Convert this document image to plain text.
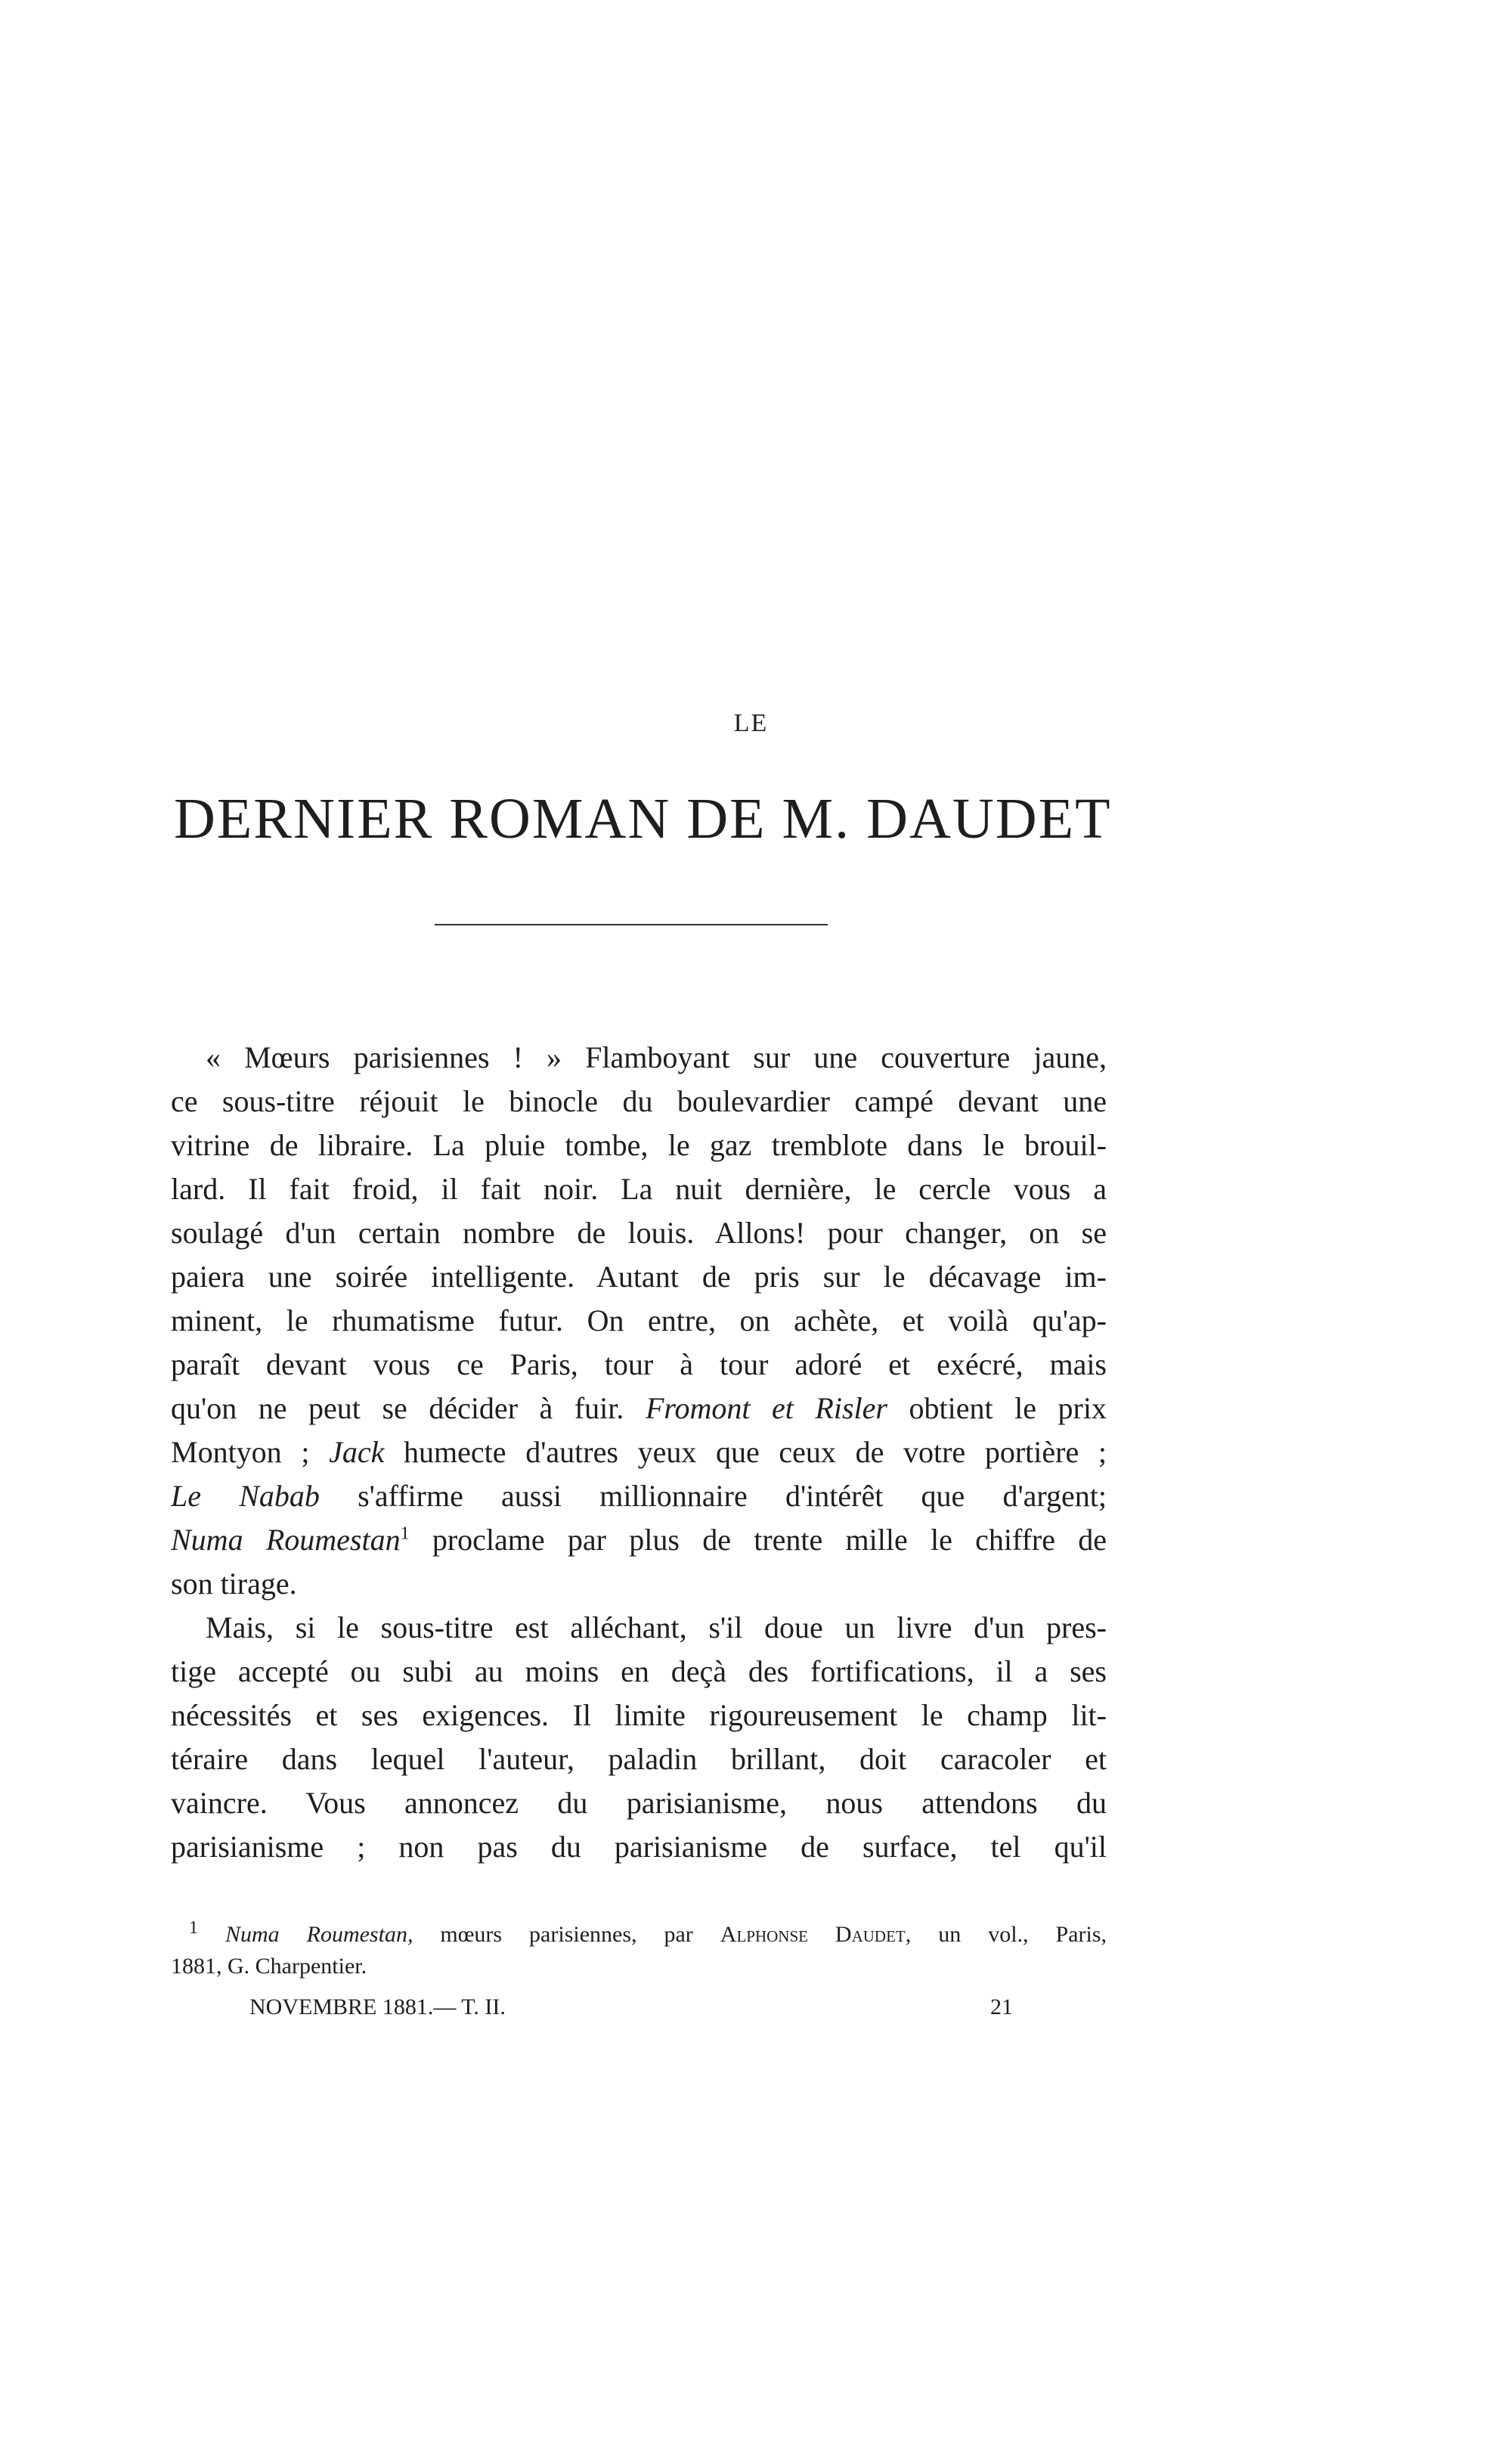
LE
DERNIER ROMAN DE M. DAUDET
« Mœurs parisiennes ! » Flamboyant sur une couverture jaune,
ce sous-titre réjouit le binocle du boulevardier campé devant une
vitrine de libraire. La pluie tombe, le gaz tremblote dans le brouil-
lard. Il fait froid, il fait noir. La nuit dernière, le cercle vous a
soulagé d'un certain nombre de louis. Allons! pour changer, on se
paiera une soirée intelligente. Autant de pris sur le décavage im-
minent, le rhumatisme futur. On entre, on achète, et voilà qu'ap-
paraît devant vous ce Paris, tour à tour adoré et exécré, mais
qu'on ne peut se décider à fuir. Fromont et Risler obtient le prix
Montyon ; Jack humecte d'autres yeux que ceux de votre portière ;
Le Nabab s'affirme aussi millionnaire d'intérêt que d'argent;
Numa Roumestan$^1$ proclame par plus de trente mille le chiffre de
son tirage.
Mais, si le sous-titre est alléchant, s'il doue un livre d'un pres-
tige accepté ou subi au moins en deçà des fortifications, il a ses
nécessités et ses exigences. Il limite rigoureusement le champ lit-
téraire dans lequel l'auteur, paladin brillant, doit caracoler et
vaincre. Vous annoncez du parisianisme, nous attendons du
parisianisme ; non pas du parisianisme de surface, tel qu'il
$^1$ Numa Roumestan, mœurs parisiennes, par Alphonse Daudet, un vol., Paris,
1881, G. Charpentier.
NOVEMBRE 1881.— T. II.	21
